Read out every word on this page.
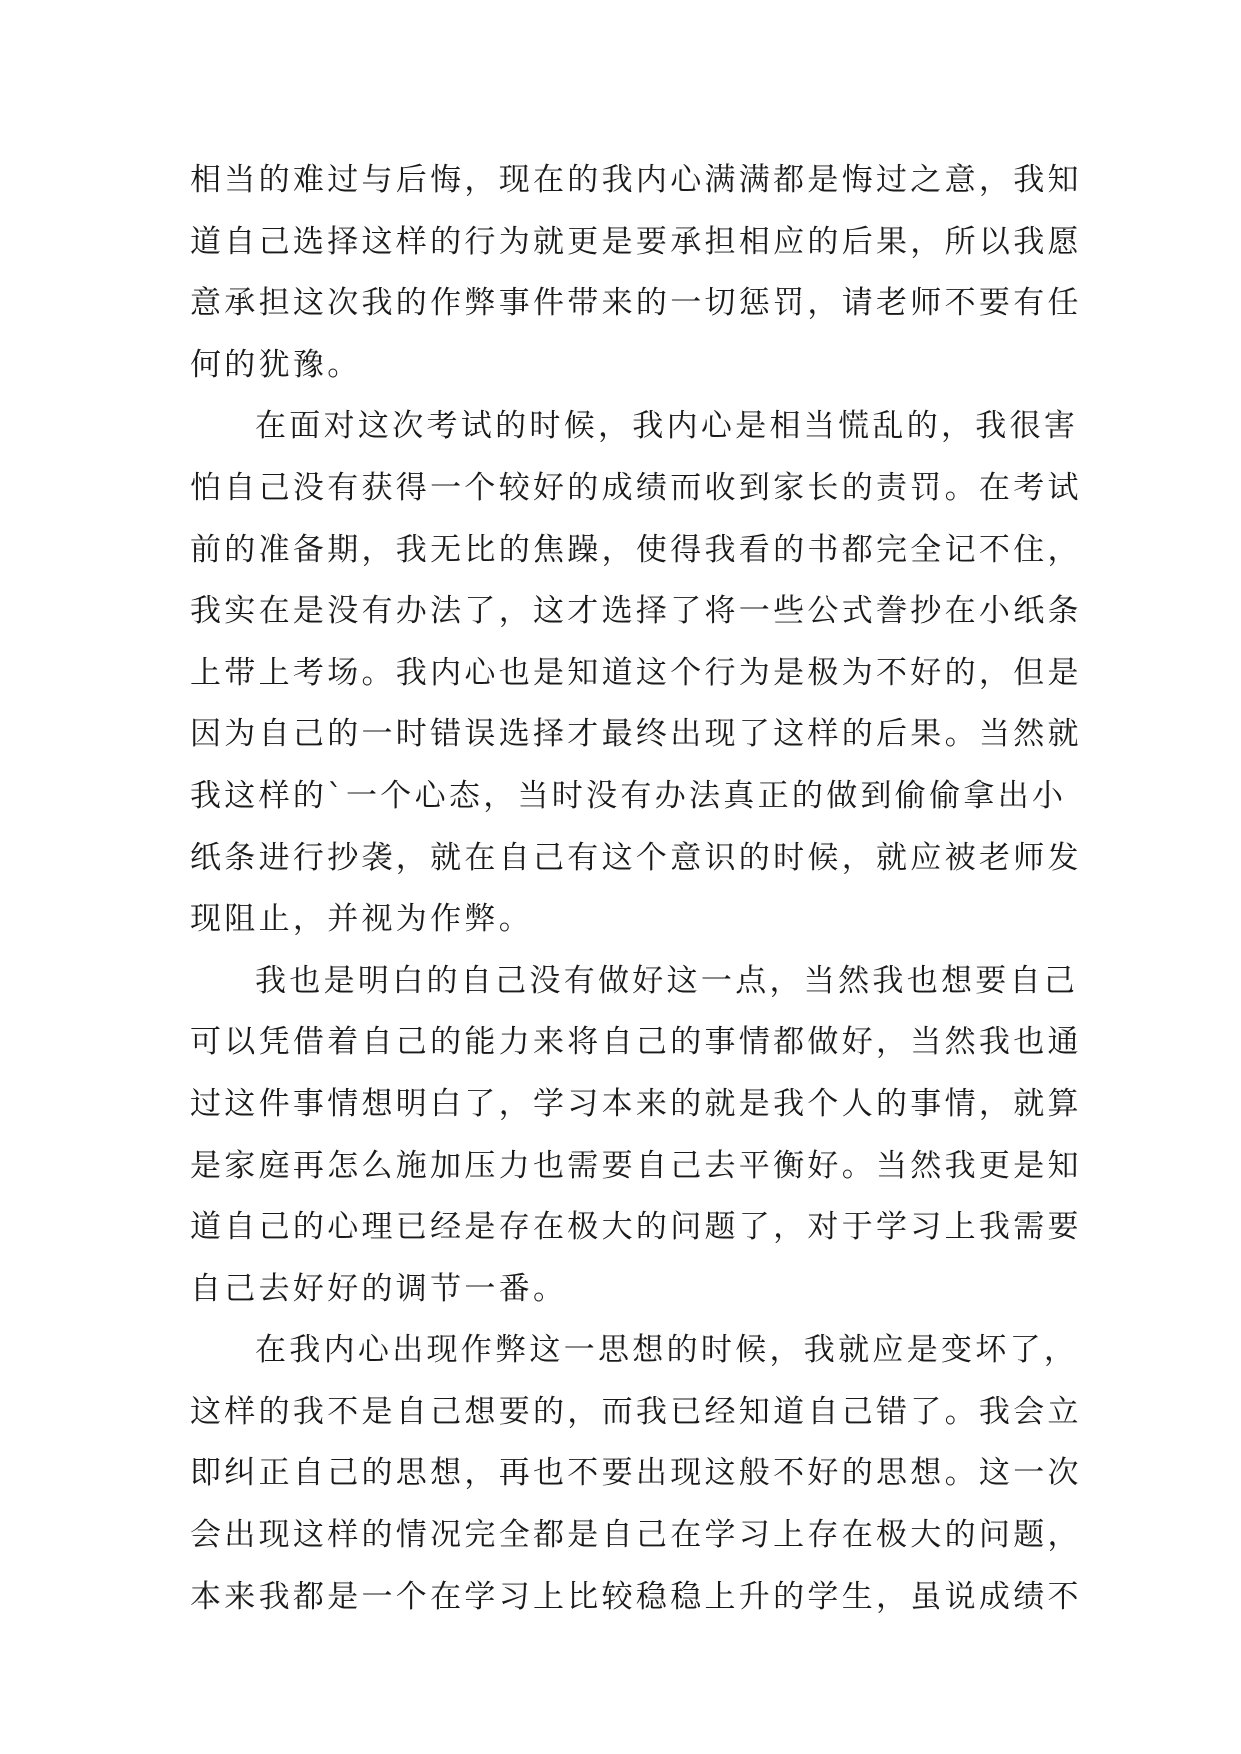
相当的难过与后悔，现在的我内心满满都是悔过之意，我知
道自己选择这样的行为就更是要承担相应的后果，所以我愿
意承担这次我的作弊事件带来的一切惩罚，请老师不要有任
何的犹豫。
在面对这次考试的时候，我内心是相当慌乱的，我很害
怕自己没有获得一个较好的成绩而收到家长的责罚。在考试
前的准备期，我无比的焦躁，使得我看的书都完全记不住，
我实在是没有办法了，这才选择了将一些公式誊抄在小纸条
上带上考场。我内心也是知道这个行为是极为不好的，但是
因为自己的一时错误选择才最终出现了这样的后果。当然就
我这样的`一个心态，当时没有办法真正的做到偷偷拿出小
纸条进行抄袭，就在自己有这个意识的时候，就应被老师发
现阻止，并视为作弊。
我也是明白的自己没有做好这一点，当然我也想要自己
可以凭借着自己的能力来将自己的事情都做好，当然我也通
过这件事情想明白了，学习本来的就是我个人的事情，就算
是家庭再怎么施加压力也需要自己去平衡好。当然我更是知
道自己的心理已经是存在极大的问题了，对于学习上我需要
自己去好好的调节一番。
在我内心出现作弊这一思想的时候，我就应是变坏了，
这样的我不是自己想要的，而我已经知道自己错了。我会立
即纠正自己的思想，再也不要出现这般不好的思想。这一次
会出现这样的情况完全都是自己在学习上存在极大的问题，
本来我都是一个在学习上比较稳稳上升的学生，虽说成绩不
